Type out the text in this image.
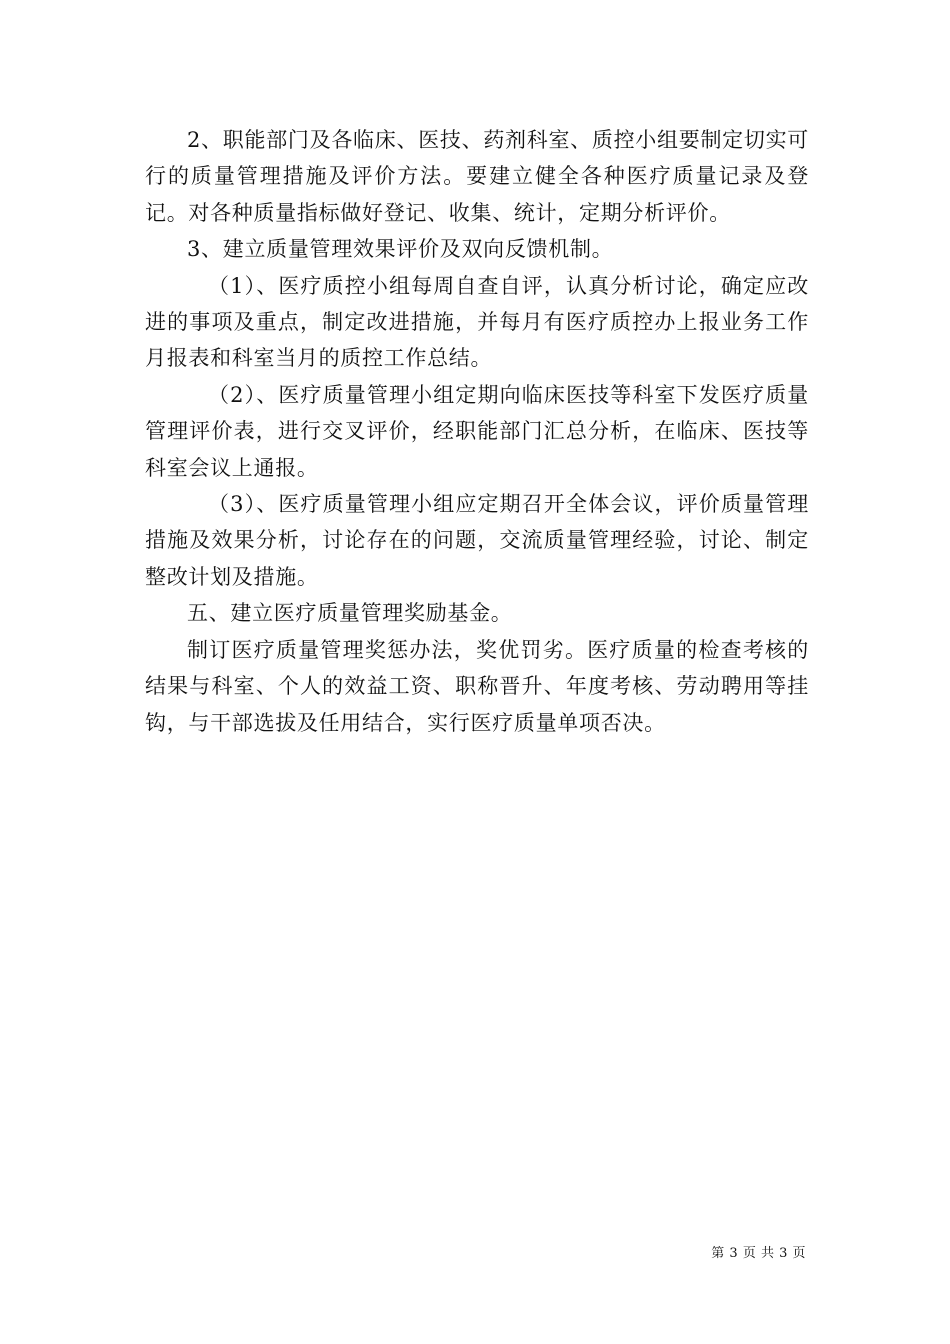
2、职能部门及各临床、医技、药剂科室、质控小组要制定切实可行的质量管理措施及评价方法。要建立健全各种医疗质量记录及登记。对各种质量指标做好登记、收集、统计，定期分析评价。

3、建立质量管理效果评价及双向反馈机制。

（1）、医疗质控小组每周自查自评，认真分析讨论，确定应改进的事项及重点，制定改进措施，并每月有医疗质控办上报业务工作月报表和科室当月的质控工作总结。

（2）、医疗质量管理小组定期向临床医技等科室下发医疗质量管理评价表，进行交叉评价，经职能部门汇总分析，在临床、医技等科室会议上通报。

（3）、医疗质量管理小组应定期召开全体会议，评价质量管理措施及效果分析，讨论存在的问题，交流质量管理经验，讨论、制定整改计划及措施。

五、建立医疗质量管理奖励基金。

制订医疗质量管理奖惩办法，奖优罚劣。医疗质量的检查考核的结果与科室、个人的效益工资、职称晋升、年度考核、劳动聘用等挂钩，与干部选拔及任用结合，实行医疗质量单项否决。

第 3 页 共 3 页
